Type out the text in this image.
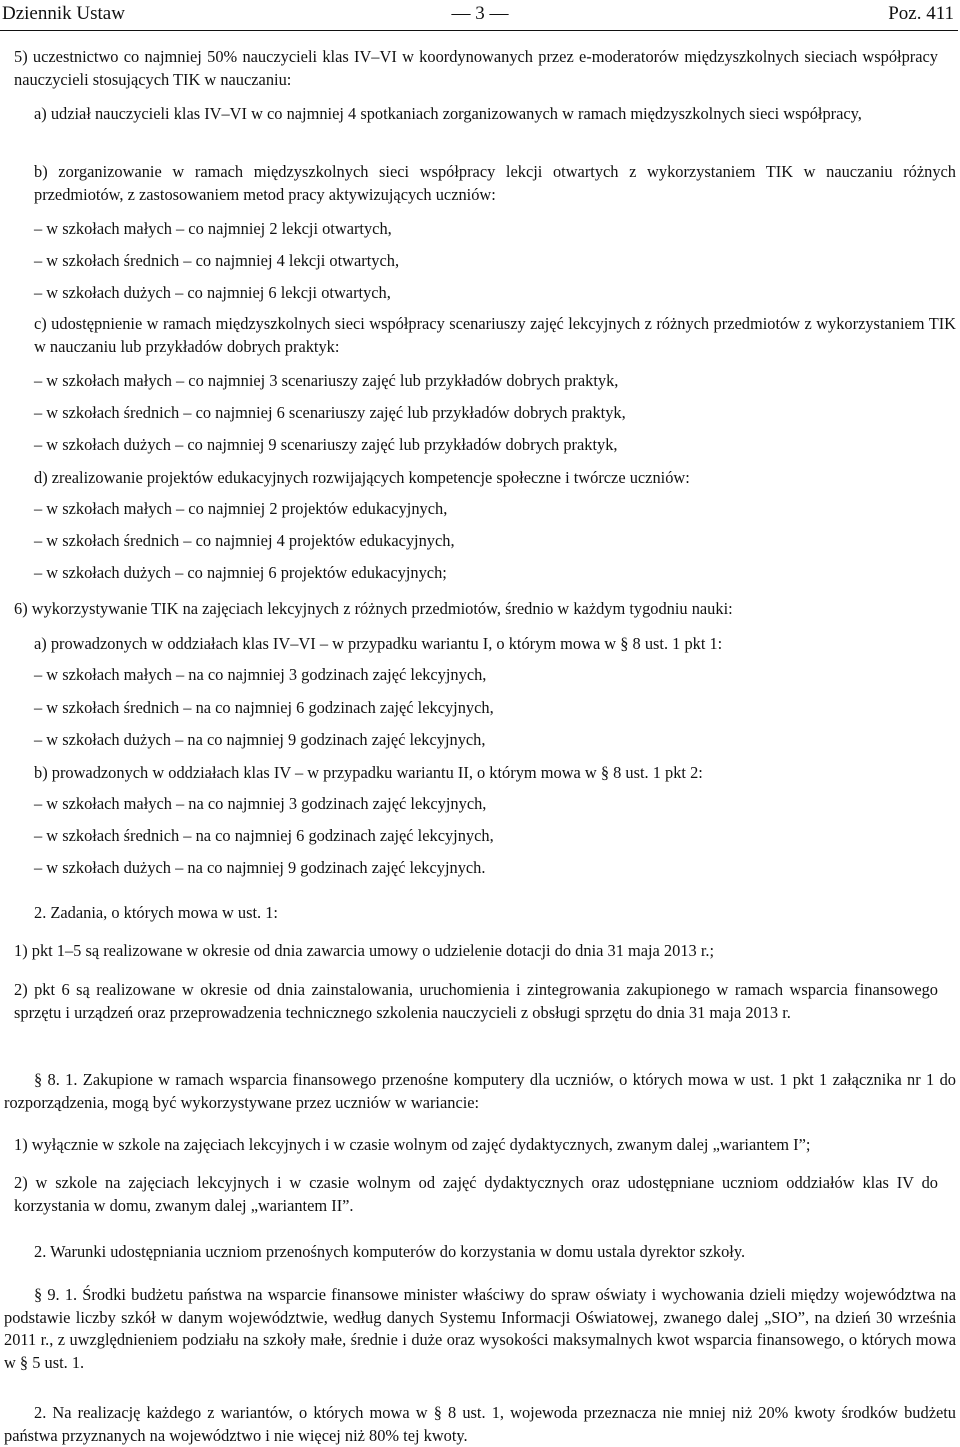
Dziennik Ustaw	— 3 —	Poz. 411
5) uczestnictwo co najmniej 50% nauczycieli klas IV–VI w koordynowanych przez e-moderatorów międzyszkolnych sieciach współpracy nauczycieli stosujących TIK w nauczaniu:
a) udział nauczycieli klas IV–VI w co najmniej 4 spotkaniach zorganizowanych w ramach międzyszkolnych sieci współpracy,
b) zorganizowanie w ramach międzyszkolnych sieci współpracy lekcji otwartych z wykorzystaniem TIK w nauczaniu różnych przedmiotów, z zastosowaniem metod pracy aktywizujących uczniów:
– w szkołach małych – co najmniej 2 lekcji otwartych,
– w szkołach średnich – co najmniej 4 lekcji otwartych,
– w szkołach dużych – co najmniej 6 lekcji otwartych,
c) udostępnienie w ramach międzyszkolnych sieci współpracy scenariuszy zajęć lekcyjnych z różnych przedmiotów z wykorzystaniem TIK w nauczaniu lub przykładów dobrych praktyk:
– w szkołach małych – co najmniej 3 scenariuszy zajęć lub przykładów dobrych praktyk,
– w szkołach średnich – co najmniej 6 scenariuszy zajęć lub przykładów dobrych praktyk,
– w szkołach dużych – co najmniej 9 scenariuszy zajęć lub przykładów dobrych praktyk,
d) zrealizowanie projektów edukacyjnych rozwijających kompetencje społeczne i twórcze uczniów:
– w szkołach małych – co najmniej 2 projektów edukacyjnych,
– w szkołach średnich – co najmniej 4 projektów edukacyjnych,
– w szkołach dużych – co najmniej 6 projektów edukacyjnych;
6) wykorzystywanie TIK na zajęciach lekcyjnych z różnych przedmiotów, średnio w każdym tygodniu nauki:
a) prowadzonych w oddziałach klas IV–VI – w przypadku wariantu I, o którym mowa w § 8 ust. 1 pkt 1:
– w szkołach małych – na co najmniej 3 godzinach zajęć lekcyjnych,
– w szkołach średnich – na co najmniej 6 godzinach zajęć lekcyjnych,
– w szkołach dużych – na co najmniej 9 godzinach zajęć lekcyjnych,
b) prowadzonych w oddziałach klas IV – w przypadku wariantu II, o którym mowa w § 8 ust. 1 pkt 2:
– w szkołach małych – na co najmniej 3 godzinach zajęć lekcyjnych,
– w szkołach średnich – na co najmniej 6 godzinach zajęć lekcyjnych,
– w szkołach dużych – na co najmniej 9 godzinach zajęć lekcyjnych.
2. Zadania, o których mowa w ust. 1:
1) pkt 1–5 są realizowane w okresie od dnia zawarcia umowy o udzielenie dotacji do dnia 31 maja 2013 r.;
2) pkt 6 są realizowane w okresie od dnia zainstalowania, uruchomienia i zintegrowania zakupionego w ramach wsparcia finansowego sprzętu i urządzeń oraz przeprowadzenia technicznego szkolenia nauczycieli z obsługi sprzętu do dnia 31 maja 2013 r.
§ 8. 1. Zakupione w ramach wsparcia finansowego przenośne komputery dla uczniów, o których mowa w ust. 1 pkt 1 załącznika nr 1 do rozporządzenia, mogą być wykorzystywane przez uczniów w wariancie:
1) wyłącznie w szkole na zajęciach lekcyjnych i w czasie wolnym od zajęć dydaktycznych, zwanym dalej „wariantem I”;
2) w szkole na zajęciach lekcyjnych i w czasie wolnym od zajęć dydaktycznych oraz udostępniane uczniom oddziałów klas IV do korzystania w domu, zwanym dalej „wariantem II”.
2. Warunki udostępniania uczniom przenośnych komputerów do korzystania w domu ustala dyrektor szkoły.
§ 9. 1. Środki budżetu państwa na wsparcie finansowe minister właściwy do spraw oświaty i wychowania dzieli między województwa na podstawie liczby szkół w danym województwie, według danych Systemu Informacji Oświatowej, zwanego dalej „SIO”, na dzień 30 września 2011 r., z uwzględnieniem podziału na szkoły małe, średnie i duże oraz wysokości maksymalnych kwot wsparcia finansowego, o których mowa w § 5 ust. 1.
2. Na realizację każdego z wariantów, o których mowa w § 8 ust. 1, wojewoda przeznacza nie mniej niż 20% kwoty środków budżetu państwa przyznanych na województwo i nie więcej niż 80% tej kwoty.
